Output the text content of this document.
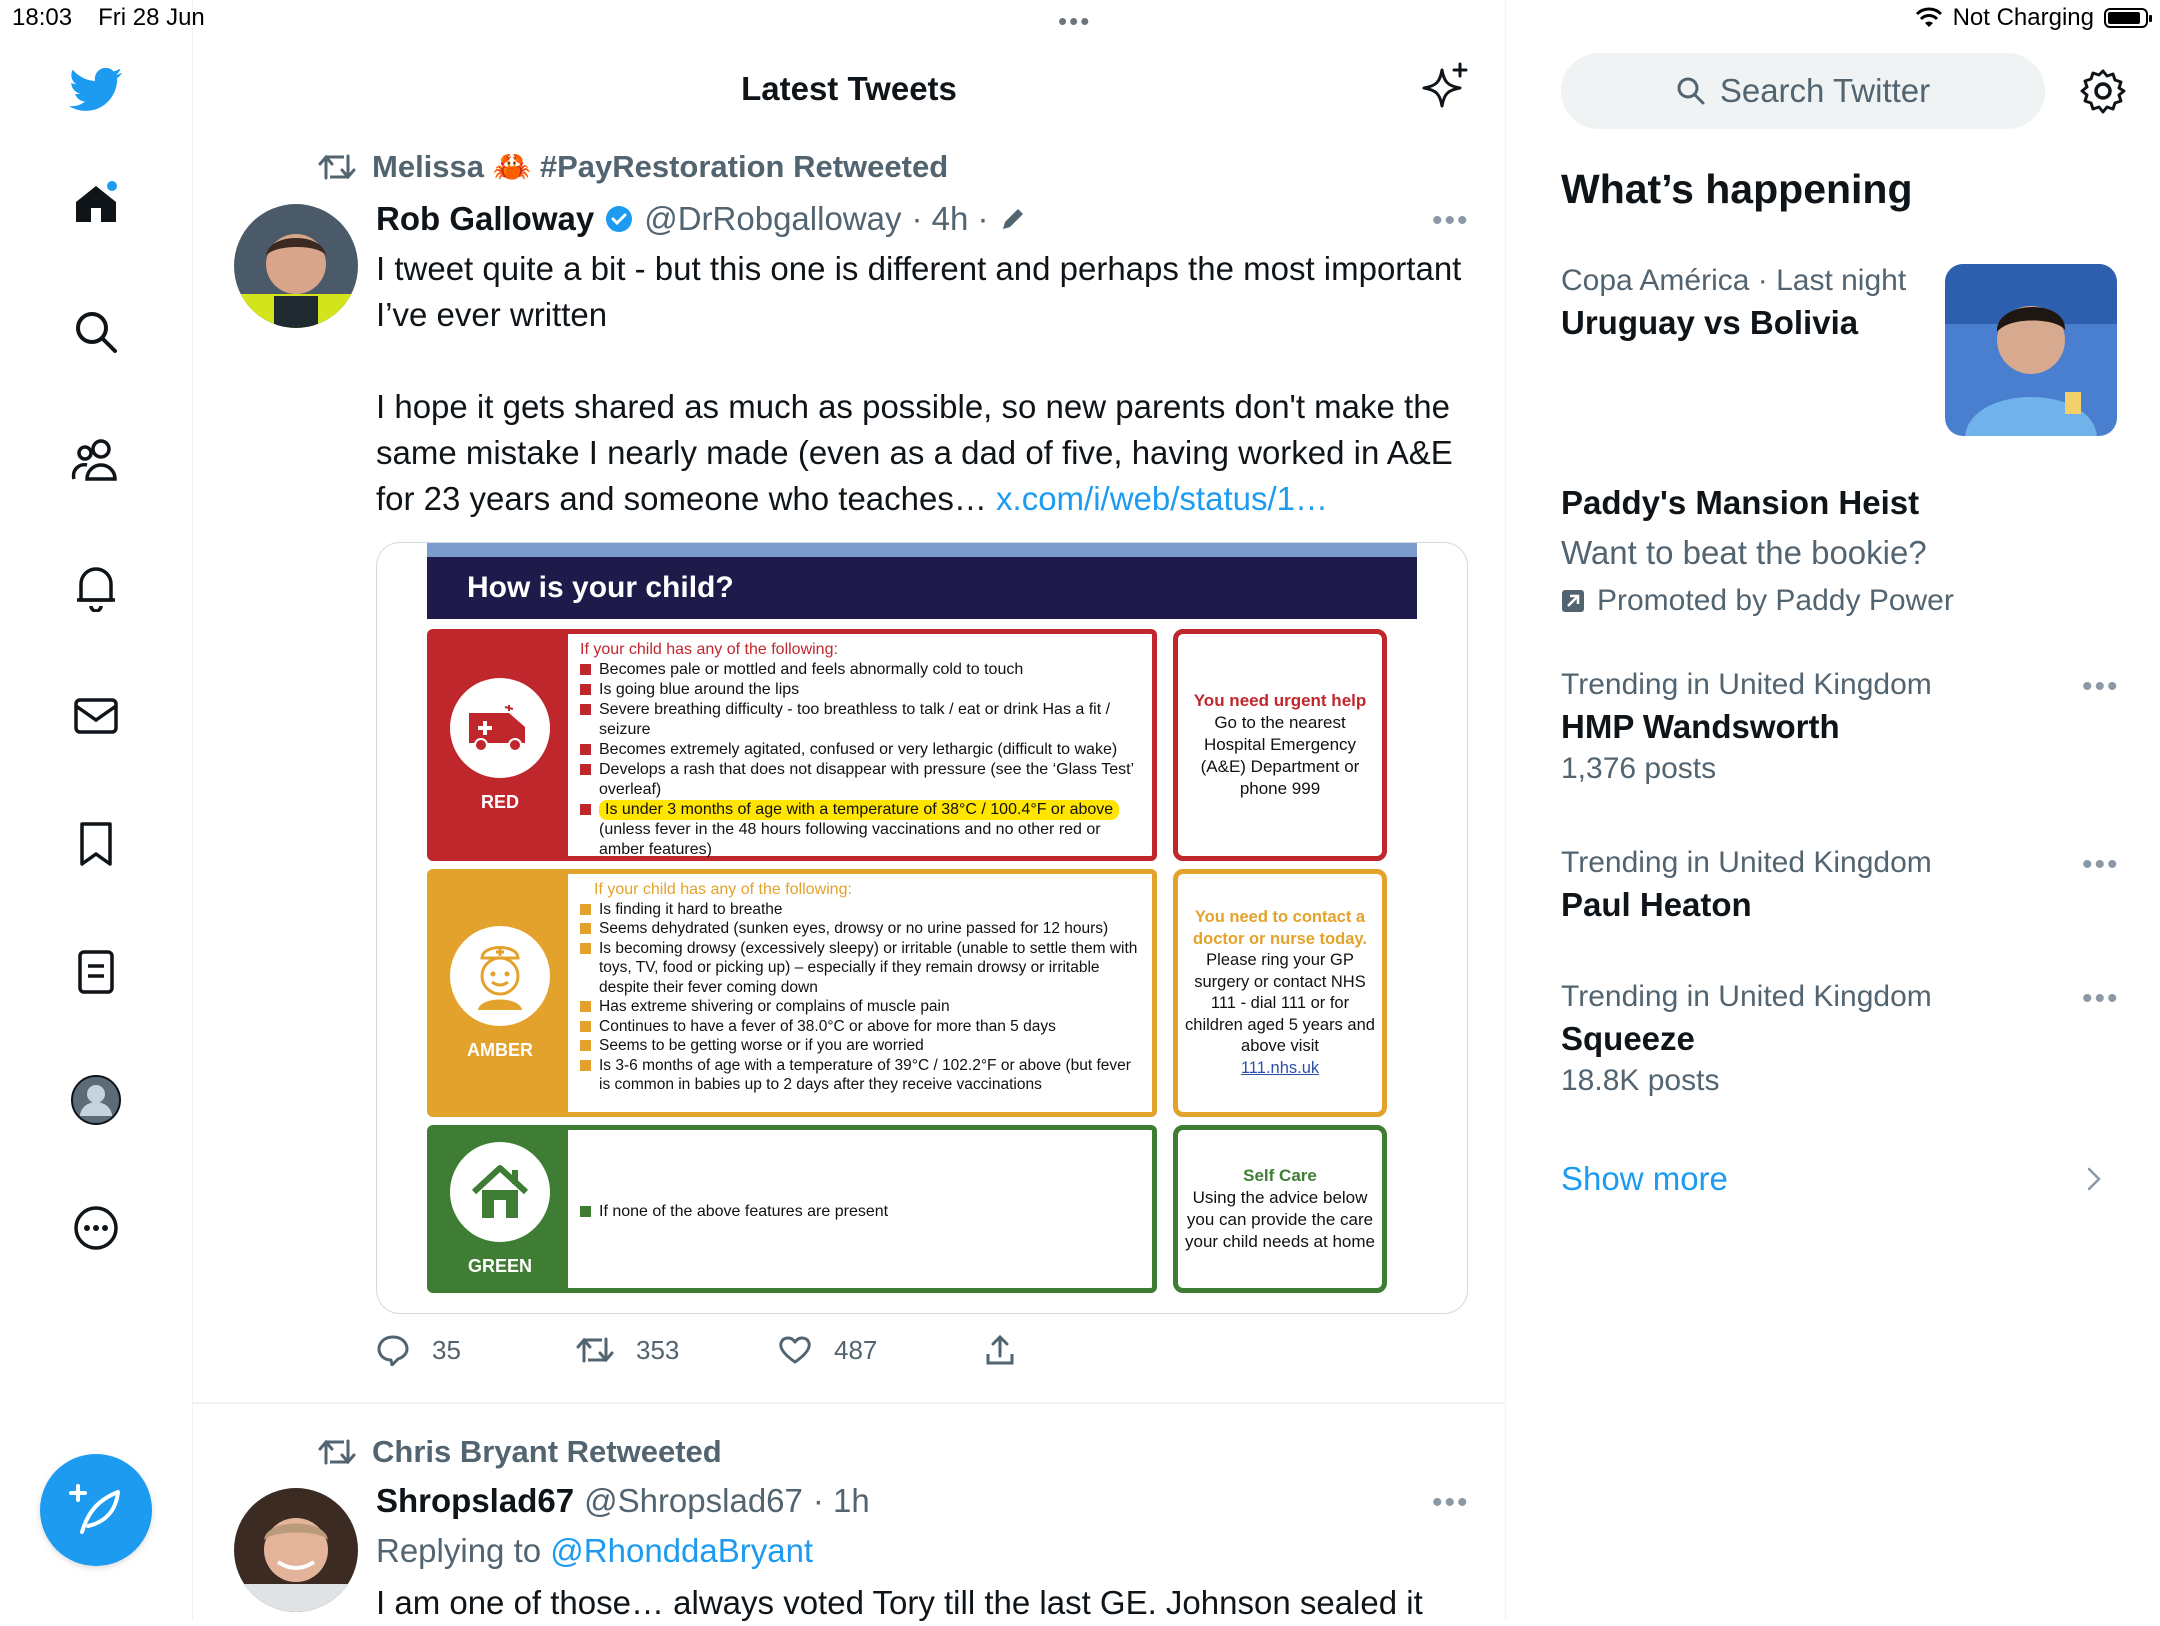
18:03 Fri 28 Jun	•••	Not Charging
Latest Tweets
Melissa 🦀 #PayRestoration Retweeted
Rob Galloway @DrRobgalloway · 4h ·	•••
I tweet quite a bit - but this one is different and perhaps the most important I’ve ever written
I hope it gets shared as much as possible, so new parents don't make the same mistake I nearly made (even as a dad of five, having worked in A&E for 23 years and someone who teaches… x.com/i/web/status/1…
How is your child?
RED
If your child has any of the following:
Becomes pale or mottled and feels abnormally cold to touch
Is going blue around the lips
Severe breathing difficulty - too breathless to talk / eat or drink Has a fit / seizure
Becomes extremely agitated, confused or very lethargic (difficult to wake)
Develops a rash that does not disappear with pressure (see the ‘Glass Test’ overleaf)
Is under 3 months of age with a temperature of 38°C / 100.4°F or above
(unless fever in the 48 hours following vaccinations and no other red or amber features)
You need urgent help
Go to the nearest Hospital Emergency (A&E) Department or phone 999
AMBER
If your child has any of the following:
Is finding it hard to breathe
Seems dehydrated (sunken eyes, drowsy or no urine passed for 12 hours)
Is becoming drowsy (excessively sleepy) or irritable (unable to settle them with toys, TV, food or picking up) – especially if they remain drowsy or irritable despite their fever coming down
Has extreme shivering or complains of muscle pain
Continues to have a fever of 38.0°C or above for more than 5 days
Seems to be getting worse or if you are worried
Is 3-6 months of age with a temperature of 39°C / 102.2°F or above (but fever is common in babies up to 2 days after they receive vaccinations
You need to contact a doctor or nurse today.
Please ring your GP surgery or contact NHS 111 - dial 111 or for children aged 5 years and above visit
111.nhs.uk
GREEN
If none of the above features are present
Self Care
Using the advice below you can provide the care your child needs at home
35	353	487
Chris Bryant Retweeted
Shropslad67 @Shropslad67 · 1h	•••
Replying to @RhonddaBryant
I am one of those… always voted Tory till the last GE. Johnson sealed it
Search Twitter
What’s happening
Copa América · Last night
Uruguay vs Bolivia
Paddy's Mansion Heist
Want to beat the bookie?
Promoted by Paddy Power
Trending in United Kingdom
HMP Wandsworth
1,376 posts
•••
Trending in United Kingdom
Paul Heaton
•••
Trending in United Kingdom
Squeeze
18.8K posts
•••
Show more
